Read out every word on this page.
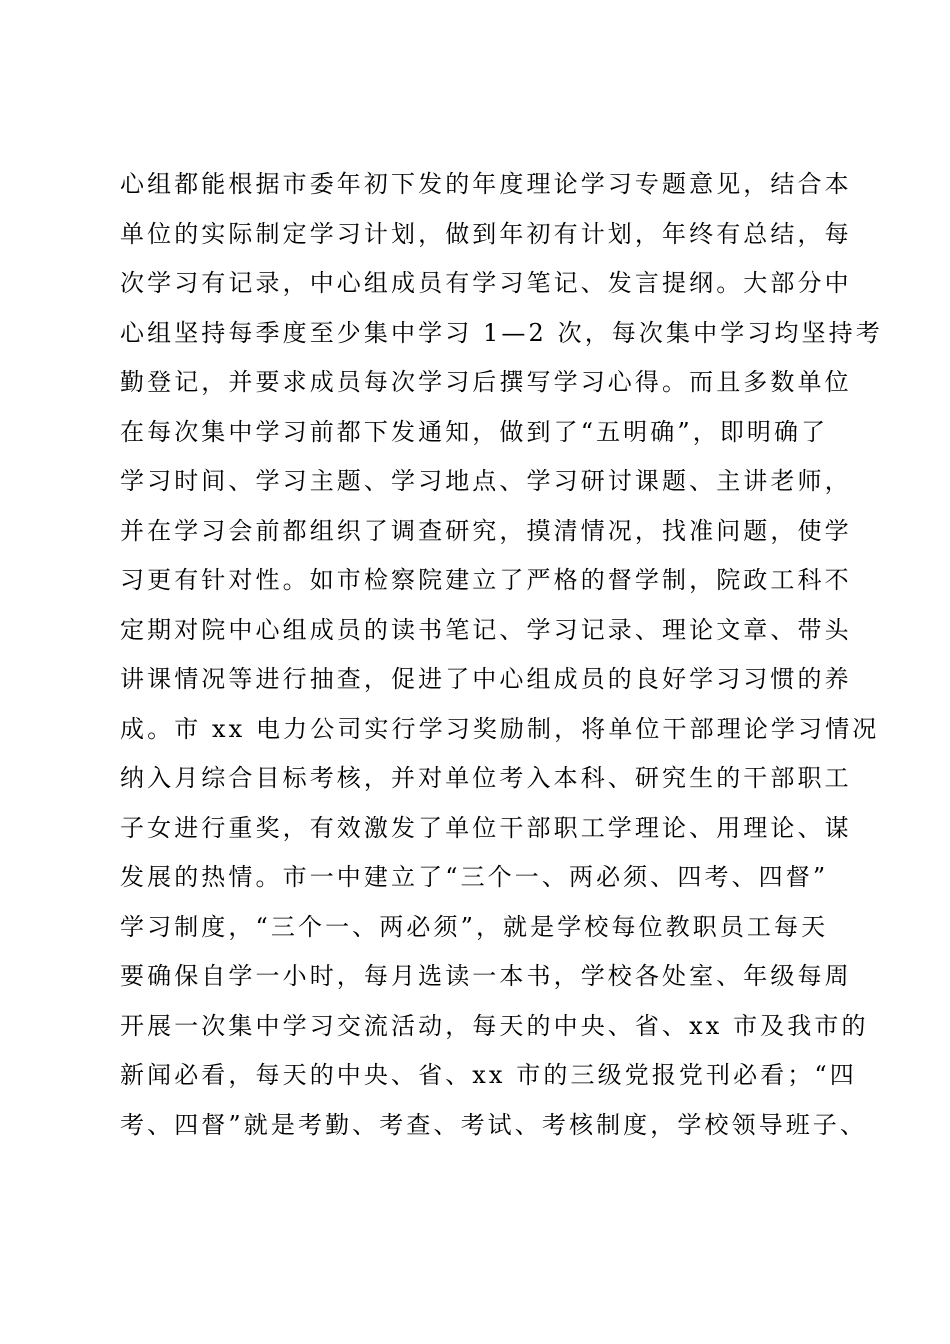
心组都能根据市委年初下发的年度理论学习专题意见，结合本
单位的实际制定学习计划，做到年初有计划，年终有总结，每
次学习有记录，中心组成员有学习笔记、发言提纲。大部分中
心组坚持每季度至少集中学习 1—2 次，每次集中学习均坚持考
勤登记，并要求成员每次学习后撰写学习心得。而且多数单位
在每次集中学习前都下发通知，做到了“五明确”，即明确了
学习时间、学习主题、学习地点、学习研讨课题、主讲老师，
并在学习会前都组织了调查研究，摸清情况，找准问题，使学
习更有针对性。如市检察院建立了严格的督学制，院政工科不
定期对院中心组成员的读书笔记、学习记录、理论文章、带头
讲课情况等进行抽查，促进了中心组成员的良好学习习惯的养
成。市 xx 电力公司实行学习奖励制，将单位干部理论学习情况
纳入月综合目标考核，并对单位考入本科、研究生的干部职工
子女进行重奖，有效激发了单位干部职工学理论、用理论、谋
发展的热情。市一中建立了“三个一、两必须、四考、四督”
学习制度，“三个一、两必须”，就是学校每位教职员工每天
要确保自学一小时，每月选读一本书，学校各处室、年级每周
开展一次集中学习交流活动，每天的中央、省、xx 市及我市的
新闻必看，每天的中央、省、xx 市的三级党报党刊必看；“四
考、四督”就是考勤、考查、考试、考核制度，学校领导班子、
